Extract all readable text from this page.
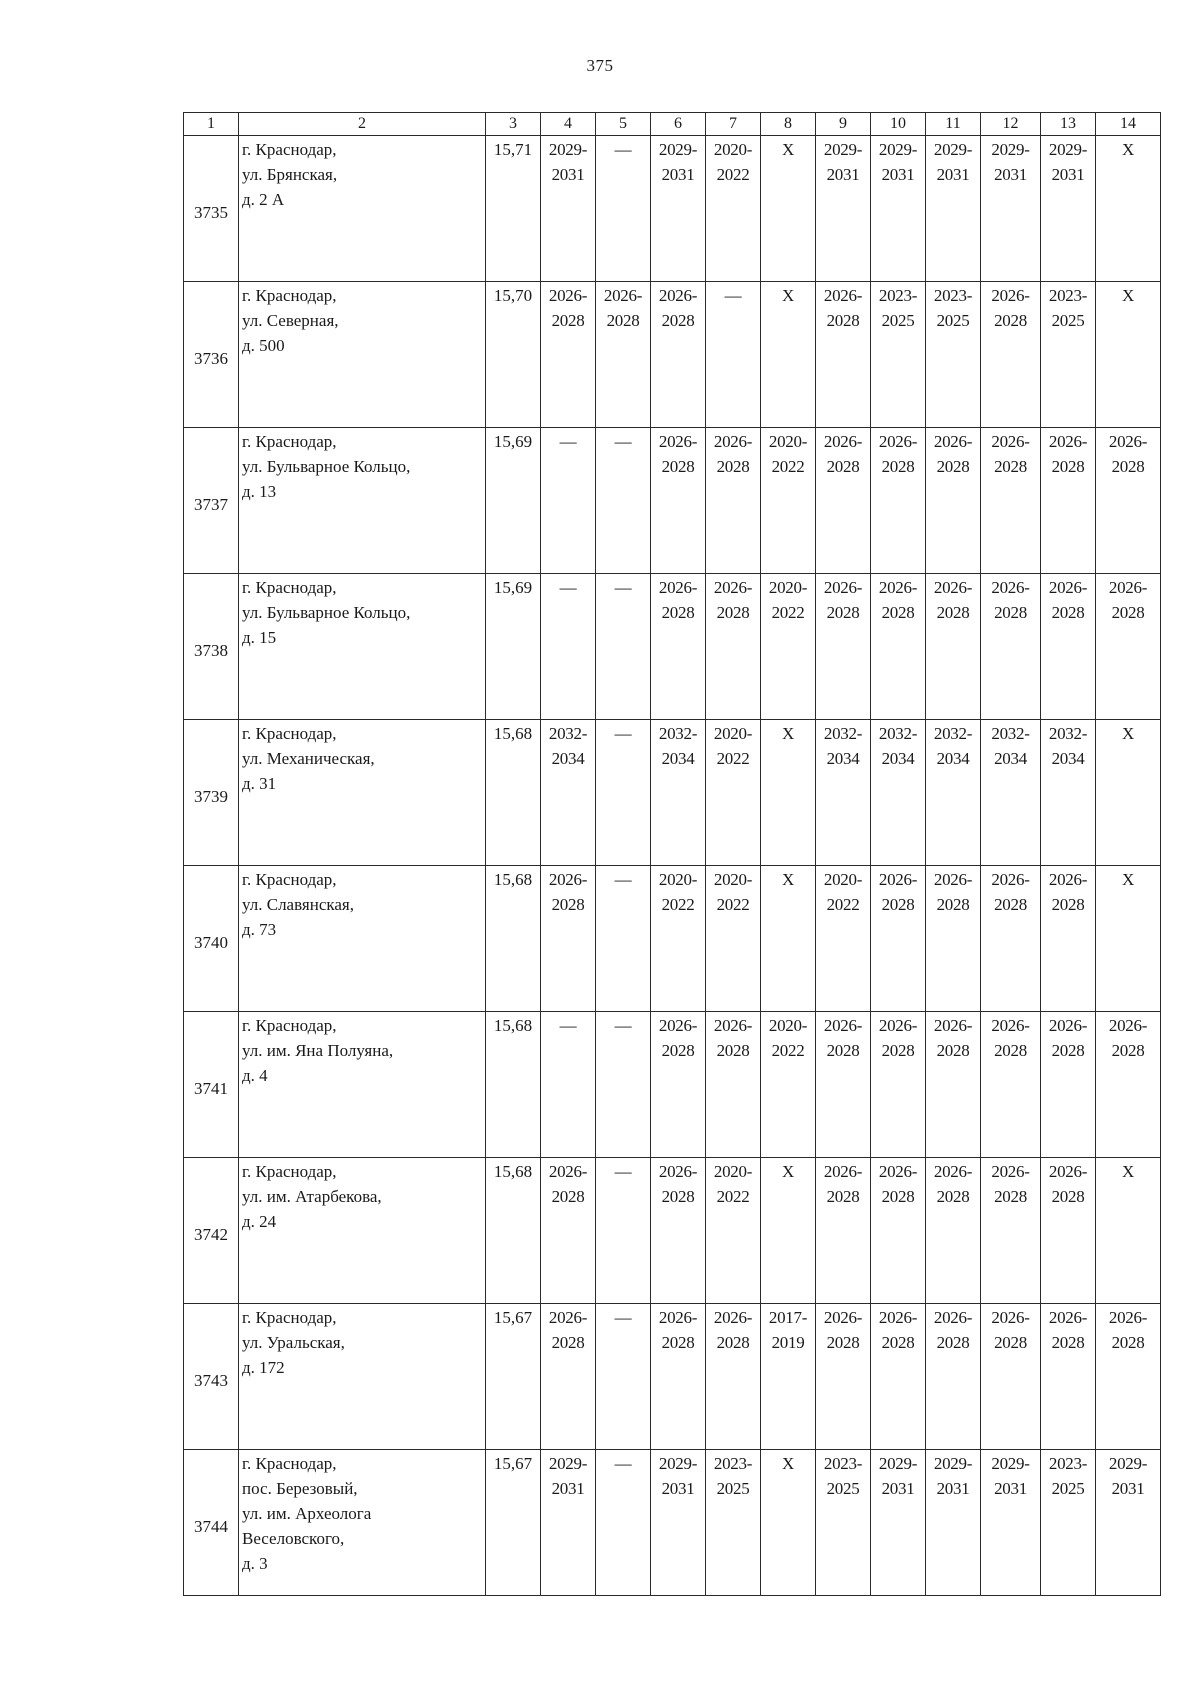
375
1	2	3	4	5	6	7	8	9	10	11	12	13	14
3735	г. Краснодар,
ул. Брянская,
д. 2 А	15,71	2029-
2031	—	2029-
2031	2020-
2022	Х	2029-
2031	2029-
2031	2029-
2031	2029-
2031	2029-
2031	Х
3736	г. Краснодар,
ул. Северная,
д. 500	15,70	2026-
2028	2026-
2028	2026-
2028	—	Х	2026-
2028	2023-
2025	2023-
2025	2026-
2028	2023-
2025	Х
3737	г. Краснодар,
ул. Бульварное Кольцо,
д. 13	15,69	—	—	2026-
2028	2026-
2028	2020-
2022	2026-
2028	2026-
2028	2026-
2028	2026-
2028	2026-
2028	2026-
2028
3738	г. Краснодар,
ул. Бульварное Кольцо,
д. 15	15,69	—	—	2026-
2028	2026-
2028	2020-
2022	2026-
2028	2026-
2028	2026-
2028	2026-
2028	2026-
2028	2026-
2028
3739	г. Краснодар,
ул. Механическая,
д. 31	15,68	2032-
2034	—	2032-
2034	2020-
2022	Х	2032-
2034	2032-
2034	2032-
2034	2032-
2034	2032-
2034	Х
3740	г. Краснодар,
ул. Славянская,
д. 73	15,68	2026-
2028	—	2020-
2022	2020-
2022	Х	2020-
2022	2026-
2028	2026-
2028	2026-
2028	2026-
2028	Х
3741	г. Краснодар,
ул. им. Яна Полуяна,
д. 4	15,68	—	—	2026-
2028	2026-
2028	2020-
2022	2026-
2028	2026-
2028	2026-
2028	2026-
2028	2026-
2028	2026-
2028
3742	г. Краснодар,
ул. им. Атарбекова,
д. 24	15,68	2026-
2028	—	2026-
2028	2020-
2022	Х	2026-
2028	2026-
2028	2026-
2028	2026-
2028	2026-
2028	Х
3743	г. Краснодар,
ул. Уральская,
д. 172	15,67	2026-
2028	—	2026-
2028	2026-
2028	2017-
2019	2026-
2028	2026-
2028	2026-
2028	2026-
2028	2026-
2028	2026-
2028
3744	г. Краснодар,
пос. Березовый,
ул. им. Археолога
Веселовского,
д. 3	15,67	2029-
2031	—	2029-
2031	2023-
2025	Х	2023-
2025	2029-
2031	2029-
2031	2029-
2031	2023-
2025	2029-
2031
